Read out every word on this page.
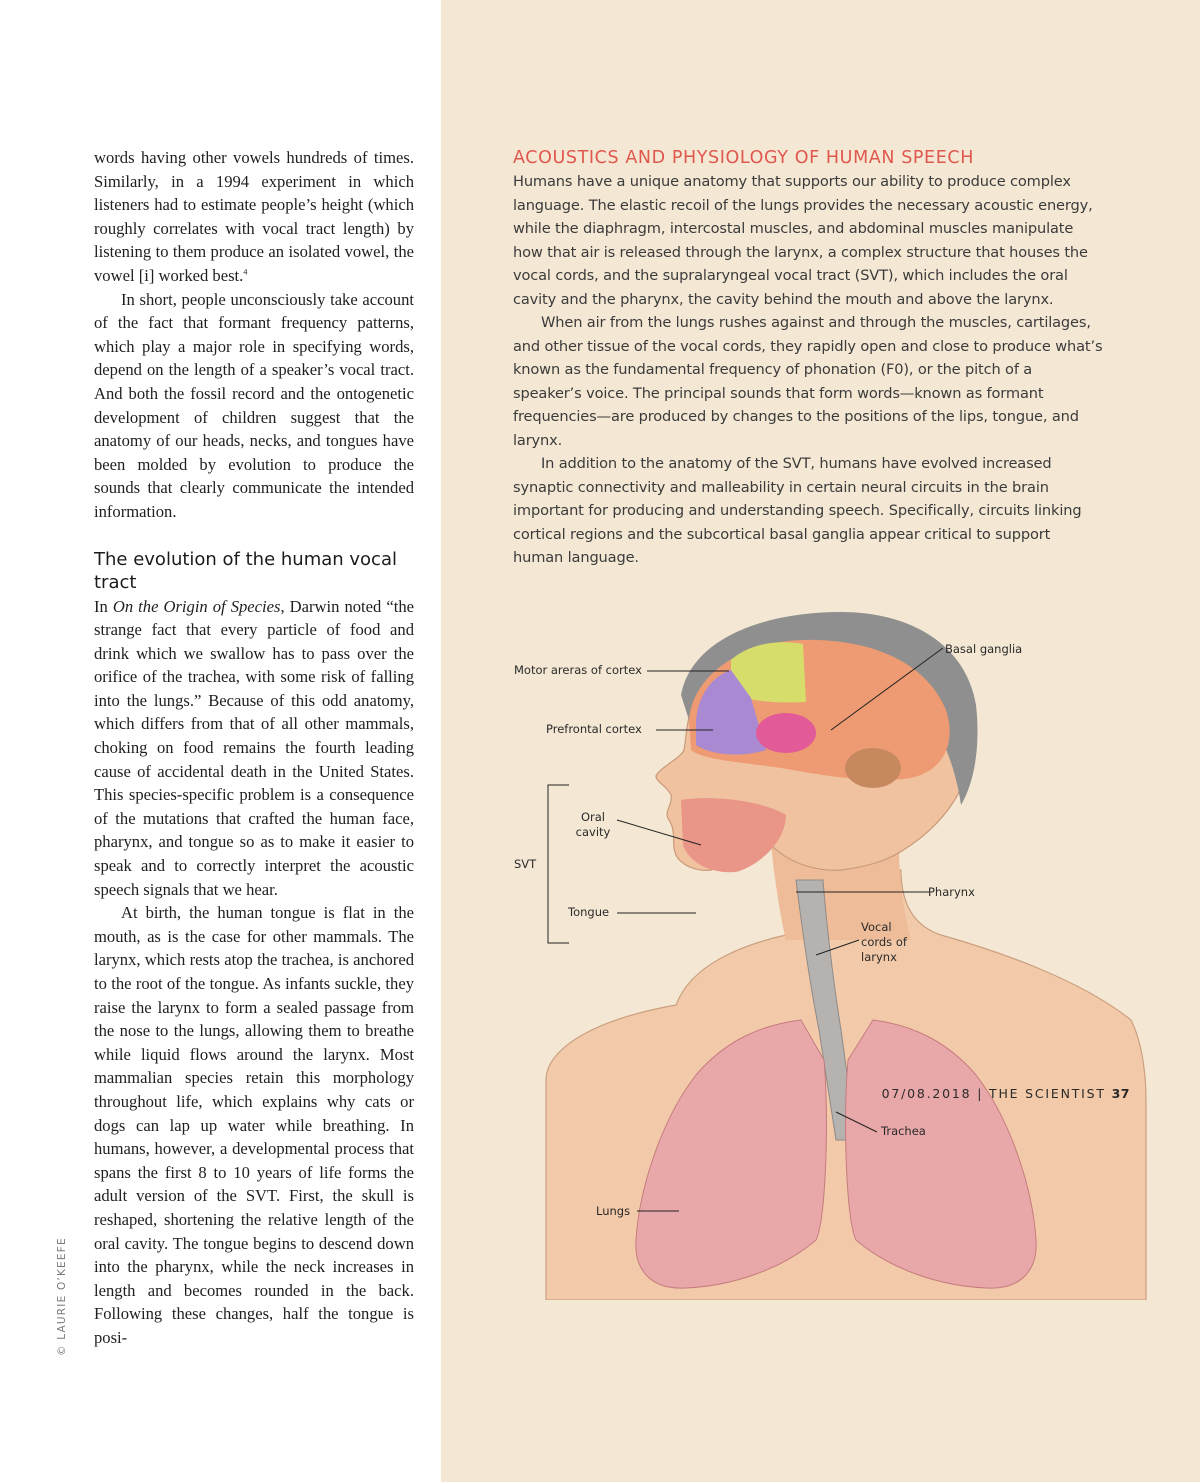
words having other vowels hundreds of times. Similarly, in a 1994 experiment in which listeners had to estimate people’s height (which roughly correlates with vocal tract length) by listening to them produce an isolated vowel, the vowel [i] worked best.$^4$

In short, people unconsciously take account of the fact that formant frequency patterns, which play a major role in specifying words, depend on the length of a speaker’s vocal tract. And both the fossil record and the ontogenetic development of children suggest that the anatomy of our heads, necks, and tongues have been molded by evolution to produce the sounds that clearly communicate the intended information.

The evolution of the human vocal tract

In On the Origin of Species, Darwin noted “the strange fact that every particle of food and drink which we swallow has to pass over the orifice of the trachea, with some risk of falling into the lungs.” Because of this odd anatomy, which differs from that of all other mammals, choking on food remains the fourth leading cause of accidental death in the United States. This species-specific problem is a consequence of the mutations that crafted the human face, pharynx, and tongue so as to make it easier to speak and to correctly interpret the acoustic speech signals that we hear.

At birth, the human tongue is flat in the mouth, as is the case for other mammals. The larynx, which rests atop the trachea, is anchored to the root of the tongue. As infants suckle, they raise the larynx to form a sealed passage from the nose to the lungs, allowing them to breathe while liquid flows around the larynx. Most mammalian species retain this morphology throughout life, which explains why cats or dogs can lap up water while breathing. In humans, however, a developmental process that spans the first 8 to 10 years of life forms the adult version of the SVT. First, the skull is reshaped, shortening the relative length of the oral cavity. The tongue begins to descend down into the pharynx, while the neck increases in length and becomes rounded in the back. Following these changes, half the tongue is posi-

© LAURIE O’KEEFE
ACOUSTICS AND PHYSIOLOGY OF HUMAN SPEECH

Humans have a unique anatomy that supports our ability to produce complex language. The elastic recoil of the lungs provides the necessary acoustic energy, while the diaphragm, intercostal muscles, and abdominal muscles manipulate how that air is released through the larynx, a complex structure that houses the vocal cords, and the supralaryngeal vocal tract (SVT), which includes the oral cavity and the pharynx, the cavity behind the mouth and above the larynx.

When air from the lungs rushes against and through the muscles, cartilages, and other tissue of the vocal cords, they rapidly open and close to produce what’s known as the fundamental frequency of phonation (F0), or the pitch of a speaker’s voice. The principal sounds that form words—known as formant frequencies—are produced by changes to the positions of the lips, tongue, and larynx.

In addition to the anatomy of the SVT, humans have evolved increased synaptic connectivity and malleability in certain neural circuits in the brain important for producing and understanding speech. Specifically, circuits linking cortical regions and the subcortical basal ganglia appear critical to support human language.

Motor areras of cortex
Prefrontal cortex
Basal ganglia
Oral
cavity
SVT
Tongue
Pharynx
Vocal
cords of
larynx
Trachea
Lungs
07/08.2018 | THE SCIENTIST 37
